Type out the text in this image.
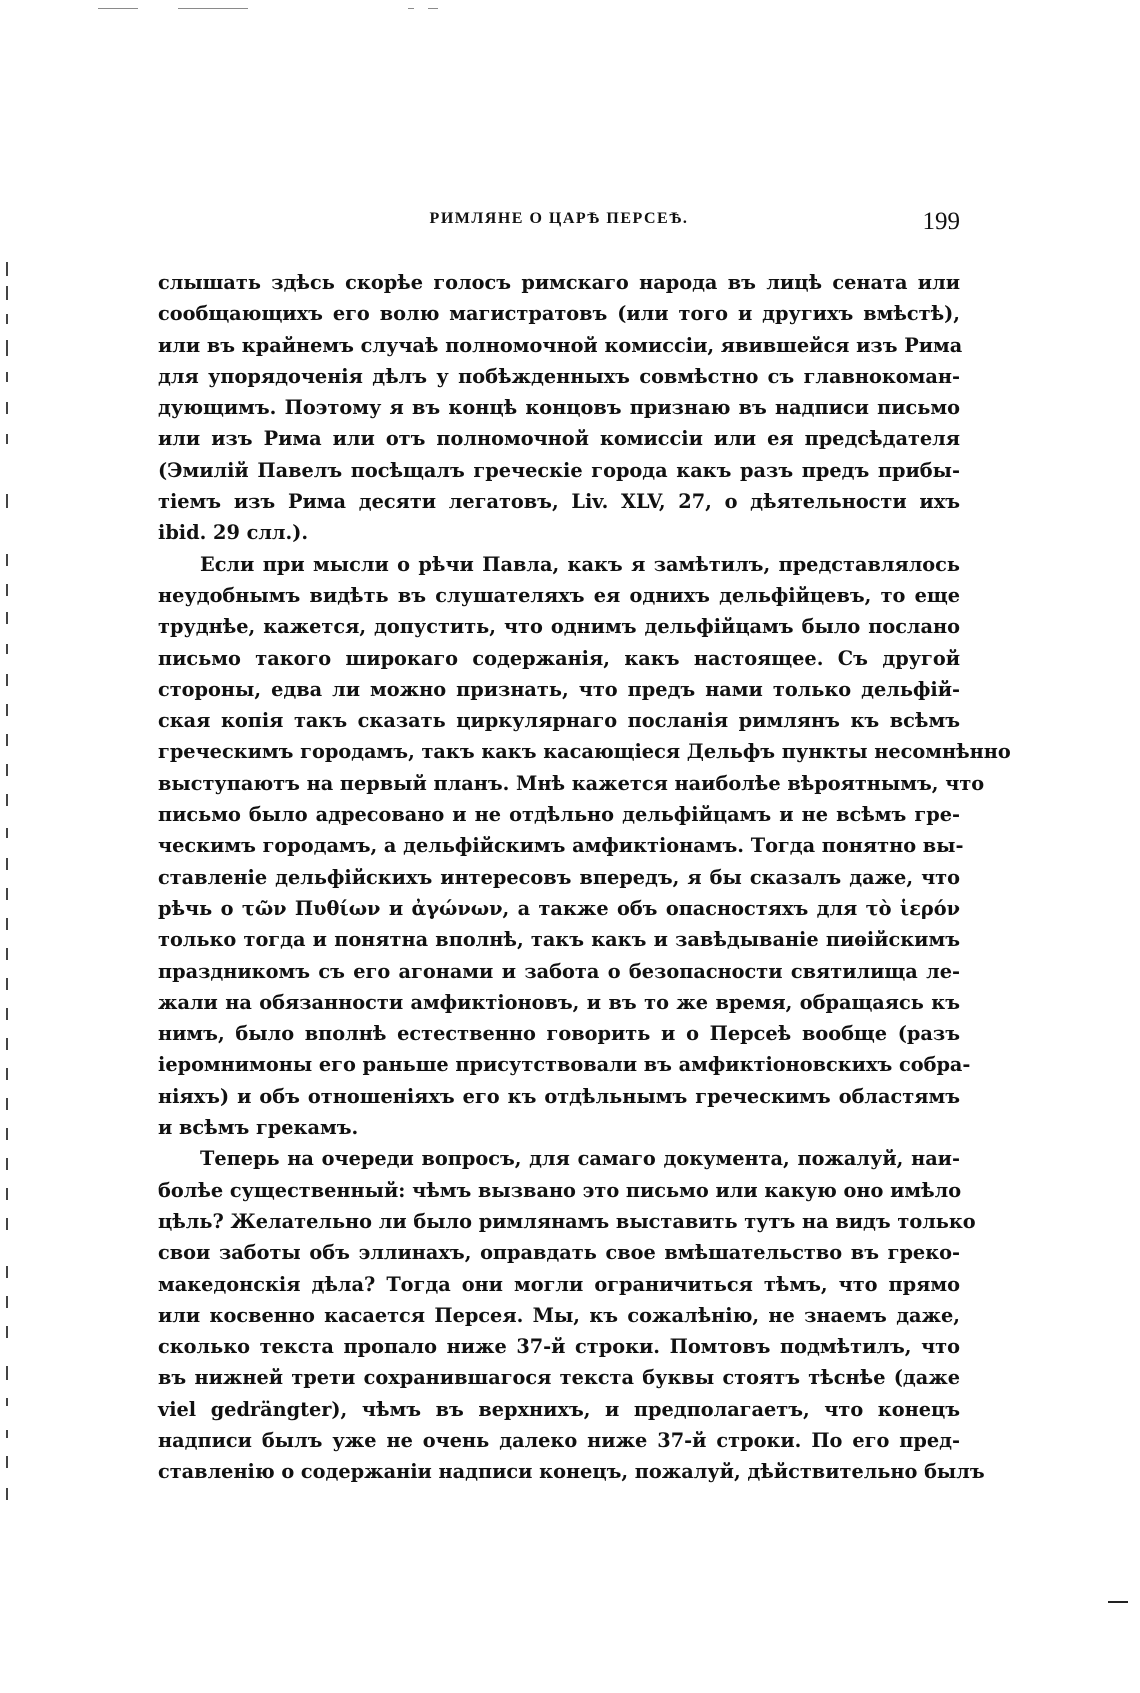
РИМЛЯНЕ О ЦАРѢ ПЕРСЕѢ.	199
слышать здѣсь скорѣе голосъ римскаго народа въ лицѣ сената или
сообщающихъ его волю магистратовъ (или того и другихъ вмѣстѣ),
или въ крайнемъ случаѣ полномочной комиссіи, явившейся изъ Рима
для упорядоченія дѣлъ у побѣжденныхъ совмѣстно съ главнокоман-
дующимъ. Поэтому я въ концѣ концовъ признаю въ надписи письмо
или изъ Рима или отъ полномочной комиссіи или ея предсѣдателя
(Эмилій Павелъ посѣщалъ греческіе города какъ разъ предъ прибы-
тіемъ изъ Рима десяти легатовъ, Liv. XLV, 27, о дѣятельности ихъ
ibid. 29 слл.).
Если при мысли о рѣчи Павла, какъ я замѣтилъ, представлялось
неудобнымъ видѣть въ слушателяхъ ея однихъ дельфійцевъ, то еще
труднѣе, кажется, допустить, что однимъ дельфійцамъ было послано
письмо такого широкаго содержанія, какъ настоящее. Съ другой
стороны, едва ли можно признать, что предъ нами только дельфій-
ская копія такъ сказать циркулярнаго посланія римлянъ къ всѣмъ
греческимъ городамъ, такъ какъ касающіеся Дельфъ пункты несомнѣнно
выступаютъ на первый планъ. Мнѣ кажется наиболѣе вѣроятнымъ, что
письмо было адресовано и не отдѣльно дельфійцамъ и не всѣмъ гре-
ческимъ городамъ, а дельфійскимъ амфиктіонамъ. Тогда понятно вы-
ставленіе дельфійскихъ интересовъ впередъ, я бы сказалъ даже, что
рѣчь о τῶν Πυθίων и ἀγώνων, а также объ опасностяхъ для τὸ ἱερόν
только тогда и понятна вполнѣ, такъ какъ и завѣдываніе пиѳійскимъ
праздникомъ съ его агонами и забота о безопасности святилища ле-
жали на обязанности амфиктіоновъ, и въ то же время, обращаясь къ
нимъ, было вполнѣ естественно говорить и о Персеѣ вообще (разъ
іеромнимоны его раньше присутствовали въ амфиктіоновскихъ собра-
ніяхъ) и объ отношеніяхъ его къ отдѣльнымъ греческимъ областямъ
и всѣмъ грекамъ.
Теперь на очереди вопросъ, для самаго документа, пожалуй, наи-
болѣе существенный: чѣмъ вызвано это письмо или какую оно имѣло
цѣль? Желательно ли было римлянамъ выставить тутъ на видъ только
свои заботы объ эллинахъ, оправдать свое вмѣшательство въ греко-
македонскія дѣла? Тогда они могли ограничиться тѣмъ, что прямо
или косвенно касается Персея. Мы, къ сожалѣнію, не знаемъ даже,
сколько текста пропало ниже 37-й строки. Помтовъ подмѣтилъ, что
въ нижней трети сохранившагося текста буквы стоятъ тѣснѣе (даже
viel gedrängter), чѣмъ въ верхнихъ, и предполагаетъ, что конецъ
надписи былъ уже не очень далеко ниже 37-й строки. По его пред-
ставленію о содержаніи надписи конецъ, пожалуй, дѣйствительно былъ
